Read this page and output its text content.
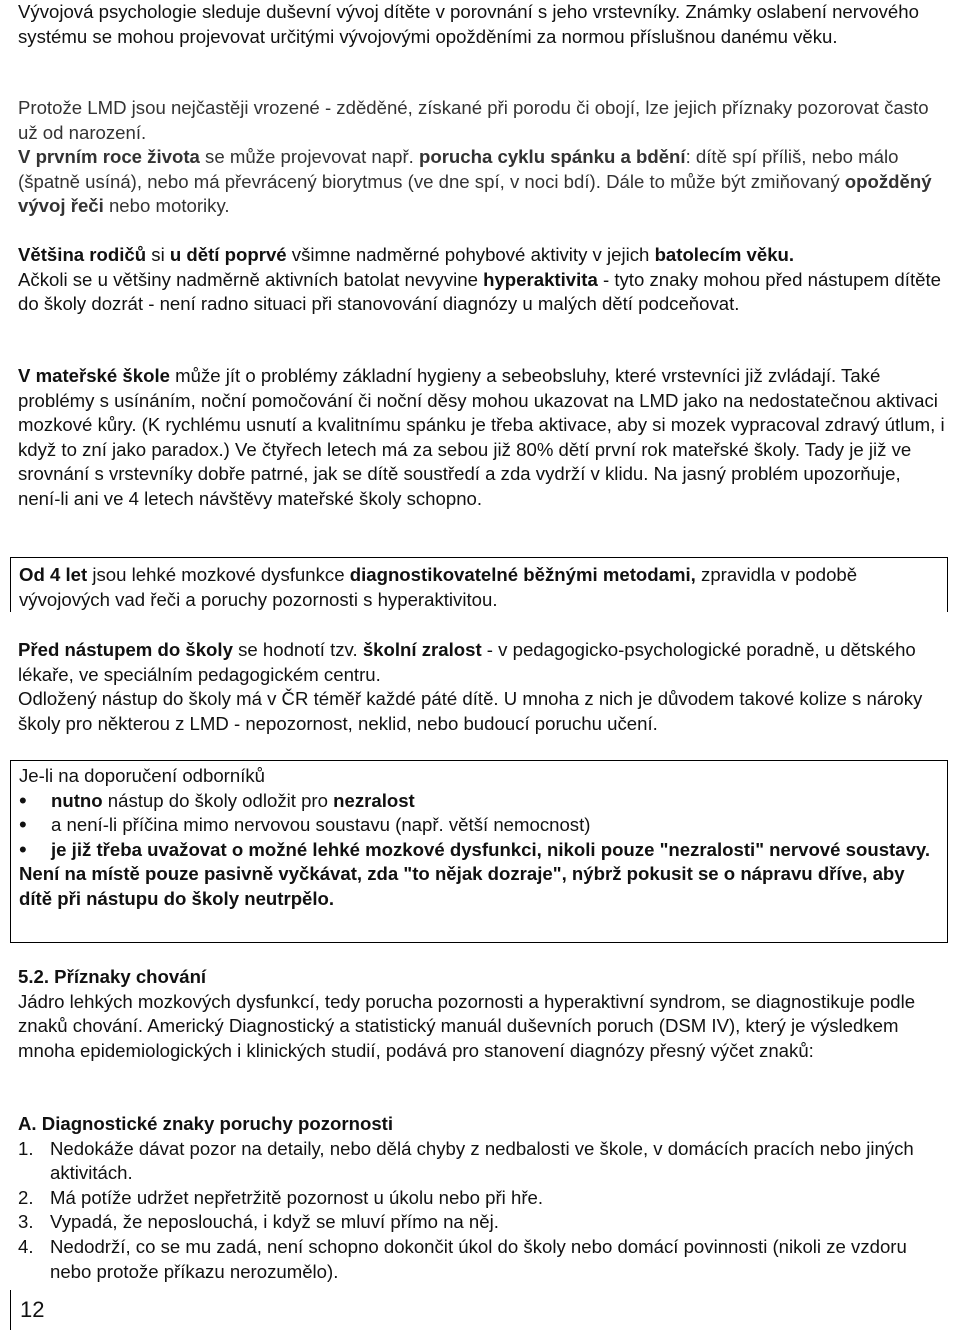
Vývojová psychologie sleduje duševní vývoj dítěte v porovnání s jeho vrstevníky. Známky oslabení nervového systému se mohou projevovat určitými vývojovými opožděními za normou příslušnou danému věku.

Protože LMD jsou nejčastěji vrozené - zděděné, získané při porodu či obojí, lze jejich příznaky pozorovat často už od narození.

V prvním roce života se může projevovat např. porucha cyklu spánku a bdění: dítě spí příliš, nebo málo (špatně usíná), nebo má převrácený biorytmus (ve dne spí, v noci bdí). Dále to může být zmiňovaný opožděný vývoj řeči nebo motoriky.

Většina rodičů si u dětí poprvé všimne nadměrné pohybové aktivity v jejich batolecím věku.

Ačkoli se u většiny nadměrně aktivních batolat nevyvine hyperaktivita - tyto znaky mohou před nástupem dítěte do školy dozrát - není radno situaci při stanovování diagnózy u malých dětí podceňovat.

V mateřské škole může jít o problémy základní hygieny a sebeobsluhy, které vrstevníci již zvládají. Také problémy s usínáním, noční pomočování či noční děsy mohou ukazovat na LMD jako na nedostatečnou aktivaci mozkové kůry. (K rychlému usnutí a kvalitnímu spánku je třeba aktivace, aby si mozek vypracoval zdravý útlum, i když to zní jako paradox.) Ve čtyřech letech má za sebou již 80% dětí první rok mateřské školy. Tady je již ve srovnání s vrstevníky dobře patrné, jak se dítě soustředí a zda vydrží v klidu. Na jasný problém upozorňuje, není-li ani ve 4 letech návštěvy mateřské školy schopno.

Od 4 let jsou lehké mozkové dysfunkce diagnostikovatelné běžnými metodami, zpravidla v podobě vývojových vad řeči a poruchy pozornosti s hyperaktivitou.

Před nástupem do školy se hodnotí tzv. školní zralost - v pedagogicko-psychologické poradně, u dětského lékaře, ve speciálním pedagogickém centru.

Odložený nástup do školy má v ČR téměř každé páté dítě. U mnoha z nich je důvodem takové kolize s nároky školy pro některou z LMD - nepozornost, neklid, nebo budoucí poruchu učení.

Je-li na doporučení odborníků

• nutno nástup do školy odložit pro nezralost
• a není-li příčina mimo nervovou soustavu (např. větší nemocnost)
• je již třeba uvažovat o možné lehké mozkové dysfunkci, nikoli pouze "nezralosti" nervové soustavy.

Není na místě pouze pasivně vyčkávat, zda "to nějak dozraje", nýbrž pokusit se o nápravu dříve, aby dítě při nástupu do školy neutrpělo.

5.2. Příznaky chování

Jádro lehkých mozkových dysfunkcí, tedy porucha pozornosti a hyperaktivní syndrom, se diagnostikuje podle znaků chování. Americký Diagnostický a statistický manuál duševních poruch (DSM IV), který je výsledkem mnoha epidemiologických i klinických studií, podává pro stanovení diagnózy přesný výčet znaků:

A. Diagnostické znaky poruchy pozornosti

1. Nedokáže dávat pozor na detaily, nebo dělá chyby z nedbalosti ve škole, v domácích pracích nebo jiných aktivitách.
2. Má potíže udržet nepřetržitě pozornost u úkolu nebo při hře.
3. Vypadá, že neposlouchá, i když se mluví přímo na něj.
4. Nedodrží, co se mu zadá, není schopno dokončit úkol do školy nebo domácí povinnosti (nikoli ze vzdoru nebo protože příkazu nerozumělo).
12
